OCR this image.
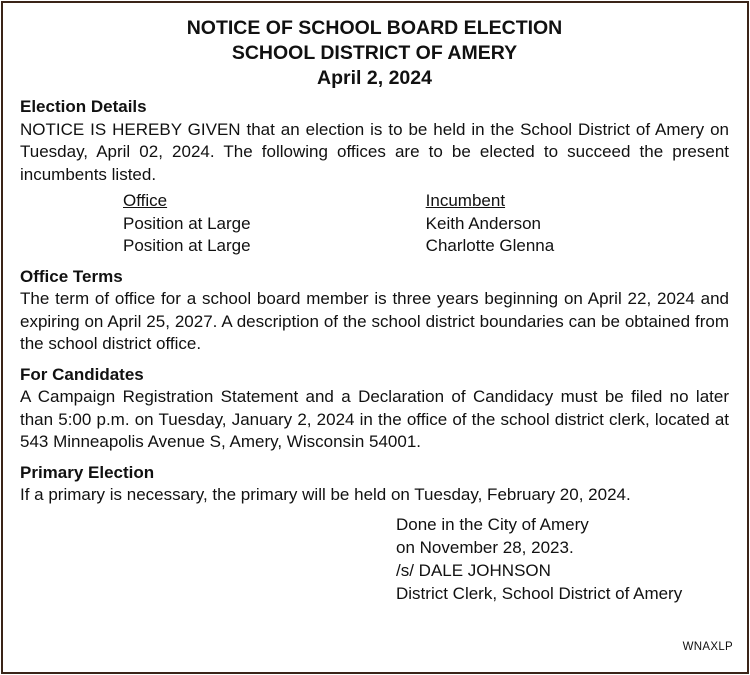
NOTICE OF SCHOOL BOARD ELECTION

SCHOOL DISTRICT OF AMERY

April 2, 2024

Election Details

NOTICE IS HEREBY GIVEN that an election is to be held in the School District of Amery on Tuesday, April 02, 2024. The following offices are to be elected to succeed the present incumbents listed.

Office	Incumbent
Position at Large	Keith Anderson
Position at Large	Charlotte Glenna

Office Terms

The term of office for a school board member is three years beginning on April 22, 2024 and expiring on April 25, 2027. A description of the school district boundaries can be obtained from the school district office.

For Candidates

A Campaign Registration Statement and a Declaration of Candidacy must be filed no later than 5:00 p.m. on Tuesday, January 2, 2024 in the office of the school district clerk, located at 543 Minneapolis Avenue S, Amery, Wisconsin 54001.

Primary Election

If a primary is necessary, the primary will be held on Tuesday, February 20, 2024.

Done in the City of Amery
on November 28, 2023.
/s/ DALE JOHNSON
District Clerk, School District of Amery
WNAXLP
